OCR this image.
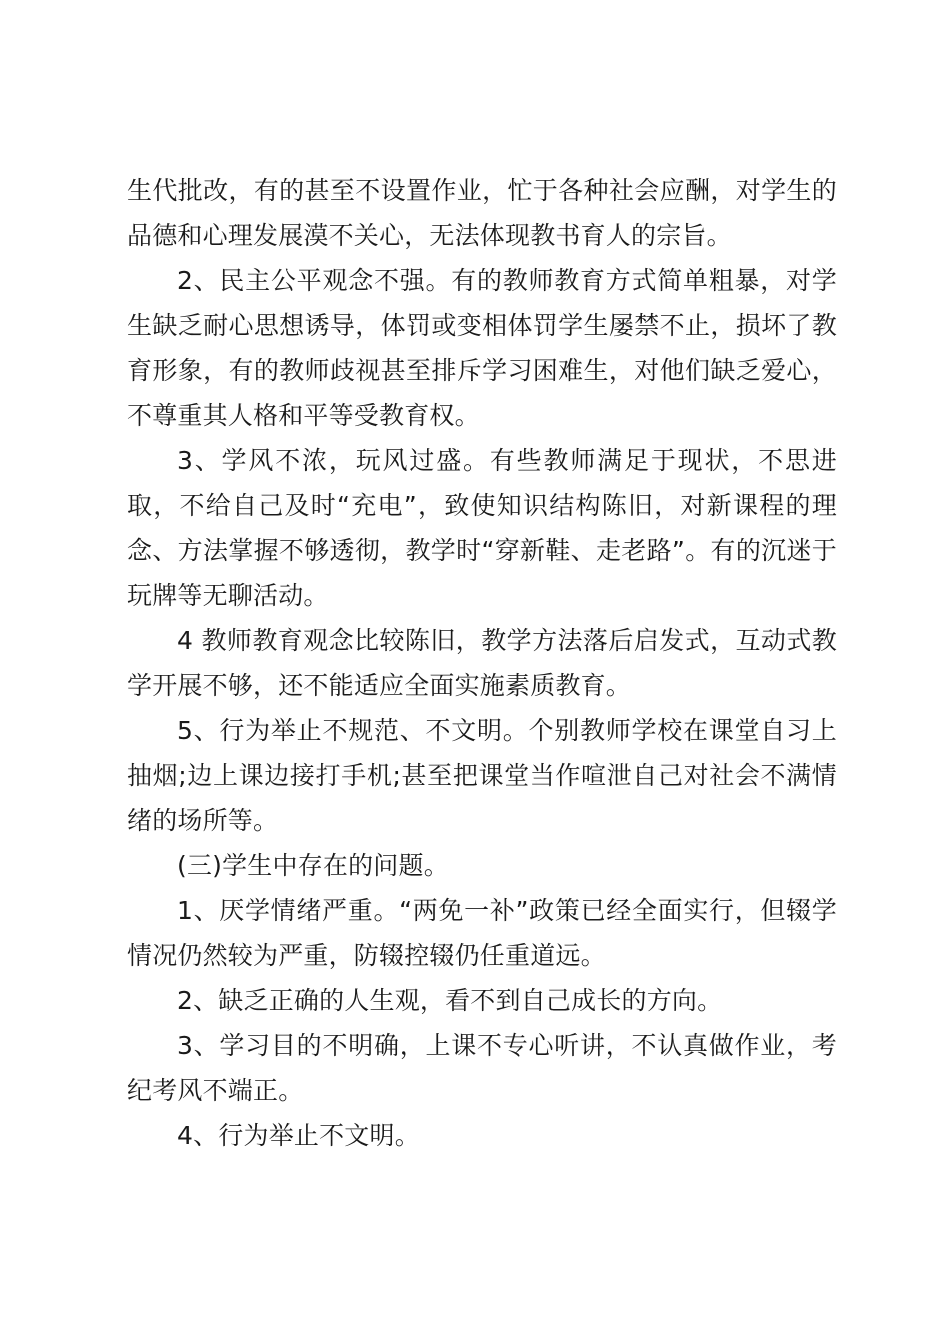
生代批改，有的甚至不设置作业，忙于各种社会应酬，对学生的品德和心理发展漠不关心，无法体现教书育人的宗旨。

2、民主公平观念不强。有的教师教育方式简单粗暴，对学生缺乏耐心思想诱导，体罚或变相体罚学生屡禁不止，损坏了教育形象，有的教师歧视甚至排斥学习困难生，对他们缺乏爱心，不尊重其人格和平等受教育权。

3、学风不浓，玩风过盛。有些教师满足于现状，不思进取，不给自己及时“充电”，致使知识结构陈旧，对新课程的理念、方法掌握不够透彻，教学时“穿新鞋、走老路”。有的沉迷于玩牌等无聊活动。

4 教师教育观念比较陈旧，教学方法落后启发式，互动式教学开展不够，还不能适应全面实施素质教育。

5、行为举止不规范、不文明。个别教师学校在课堂自习上抽烟;边上课边接打手机;甚至把课堂当作喧泄自己对社会不满情绪的场所等。

(三)学生中存在的问题。

1、厌学情绪严重。“两免一补”政策已经全面实行，但辍学情况仍然较为严重，防辍控辍仍任重道远。

2、缺乏正确的人生观，看不到自己成长的方向。

3、学习目的不明确，上课不专心听讲，不认真做作业，考纪考风不端正。

4、行为举止不文明。
